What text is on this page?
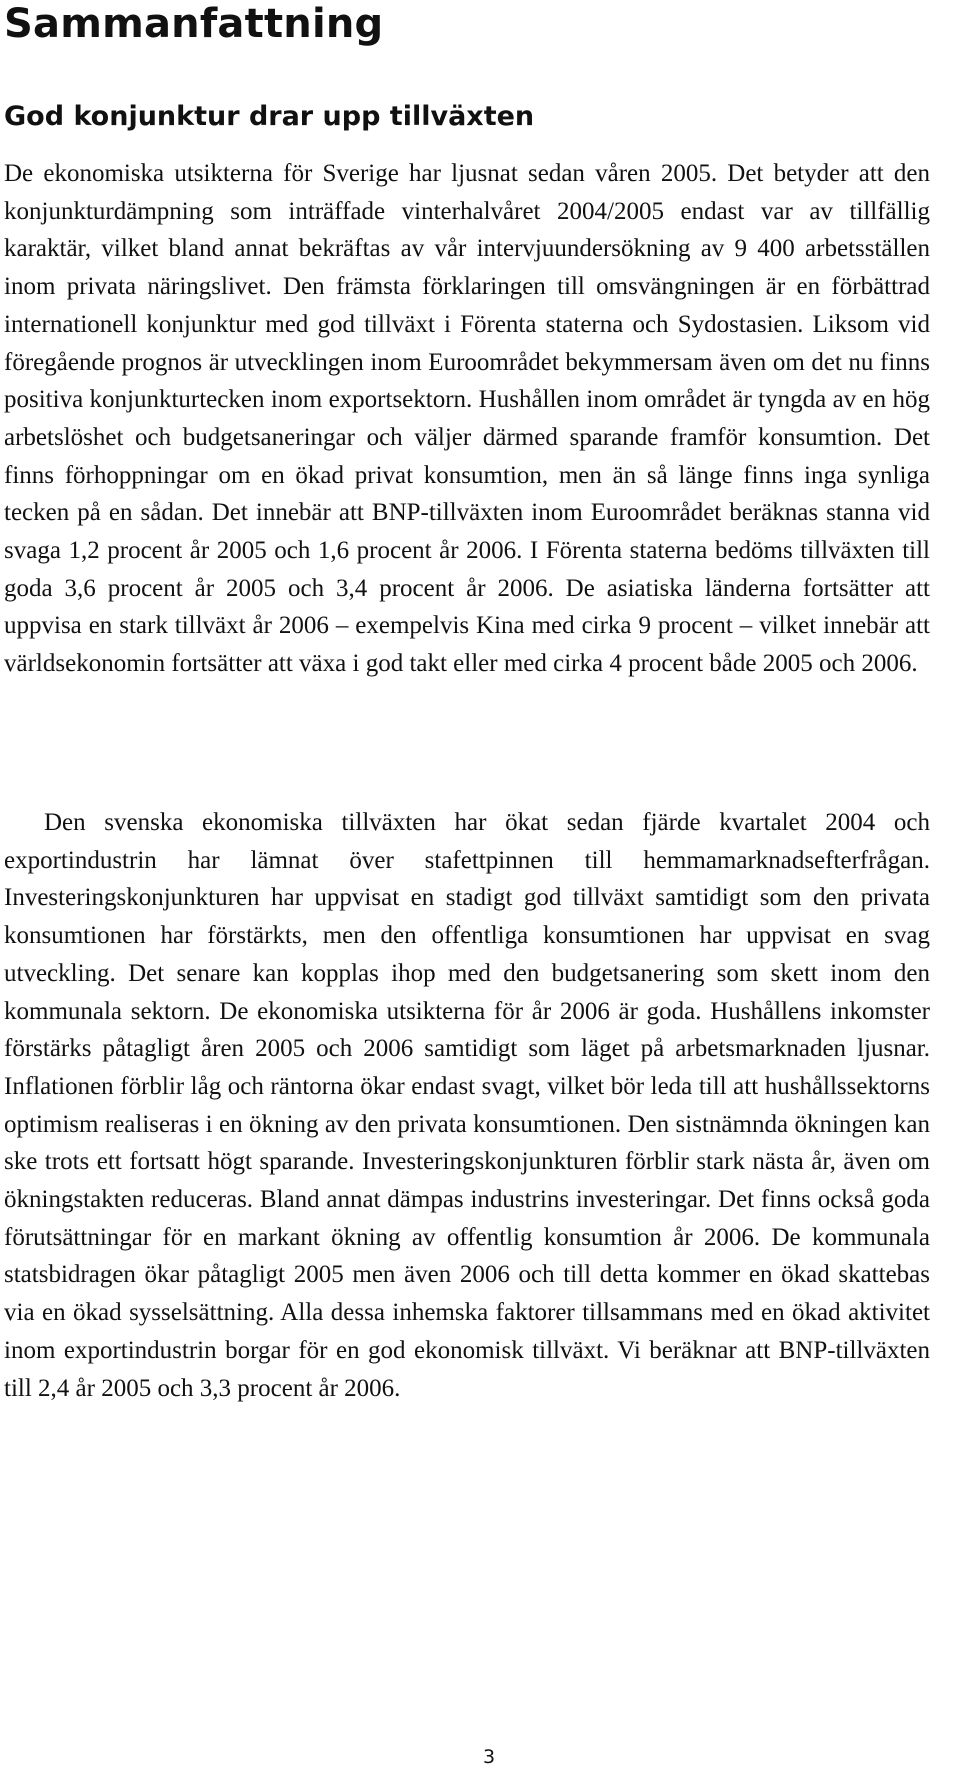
Sammanfattning
God konjunktur drar upp tillväxten

De ekonomiska utsikterna för Sverige har ljusnat sedan våren 2005. Det betyder att den konjunkturdämpning som inträffade vinterhalvåret 2004/2005 endast var av tillfällig karaktär, vilket bland annat bekräftas av vår intervjuundersökning av 9 400 arbetsställen inom privata näringslivet. Den främsta förklaringen till omsvängningen är en förbättrad internationell konjunktur med god tillväxt i Förenta staterna och Sydostasien. Liksom vid föregående prognos är utvecklingen inom Euroområdet bekymmersam även om det nu finns positiva konjunkturtecken inom exportsektorn. Hushållen inom området är tyngda av en hög arbetslöshet och budgetsaneringar och väljer därmed sparande framför konsumtion. Det finns förhoppningar om en ökad privat konsumtion, men än så länge finns inga synliga tecken på en sådan. Det innebär att BNP-tillväxten inom Euroområdet beräknas stanna vid svaga 1,2 procent år 2005 och 1,6 procent år 2006. I Förenta staterna bedöms tillväxten till goda 3,6 procent år 2005 och 3,4 procent år 2006. De asiatiska länderna fortsätter att uppvisa en stark tillväxt år 2006 – exempelvis Kina med cirka 9 procent – vilket innebär att världsekonomin fortsätter att växa i god takt eller med cirka 4 procent både 2005 och 2006.

Den svenska ekonomiska tillväxten har ökat sedan fjärde kvartalet 2004 och exportindustrin har lämnat över stafettpinnen till hemmamarknadsefterfrågan. Investeringskonjunkturen har uppvisat en stadigt god tillväxt samtidigt som den privata konsumtionen har förstärkts, men den offentliga konsumtionen har uppvisat en svag utveckling. Det senare kan kopplas ihop med den budgetsanering som skett inom den kommunala sektorn. De ekonomiska utsikterna för år 2006 är goda. Hushållens inkomster förstärks påtagligt åren 2005 och 2006 samtidigt som läget på arbetsmarknaden ljusnar. Inflationen förblir låg och räntorna ökar endast svagt, vilket bör leda till att hushållssektorns optimism realiseras i en ökning av den privata konsumtionen. Den sistnämnda ökningen kan ske trots ett fortsatt högt sparande. Investeringskonjunkturen förblir stark nästa år, även om ökningstakten reduceras. Bland annat dämpas industrins investeringar. Det finns också goda förutsättningar för en markant ökning av offentlig konsumtion år 2006. De kommunala statsbidragen ökar påtagligt 2005 men även 2006 och till detta kommer en ökad skattebas via en ökad sysselsättning. Alla dessa inhemska faktorer tillsammans med en ökad aktivitet inom exportindustrin borgar för en god ekonomisk tillväxt. Vi beräknar att BNP-tillväxten till 2,4 år 2005 och 3,3 procent år 2006.

3
